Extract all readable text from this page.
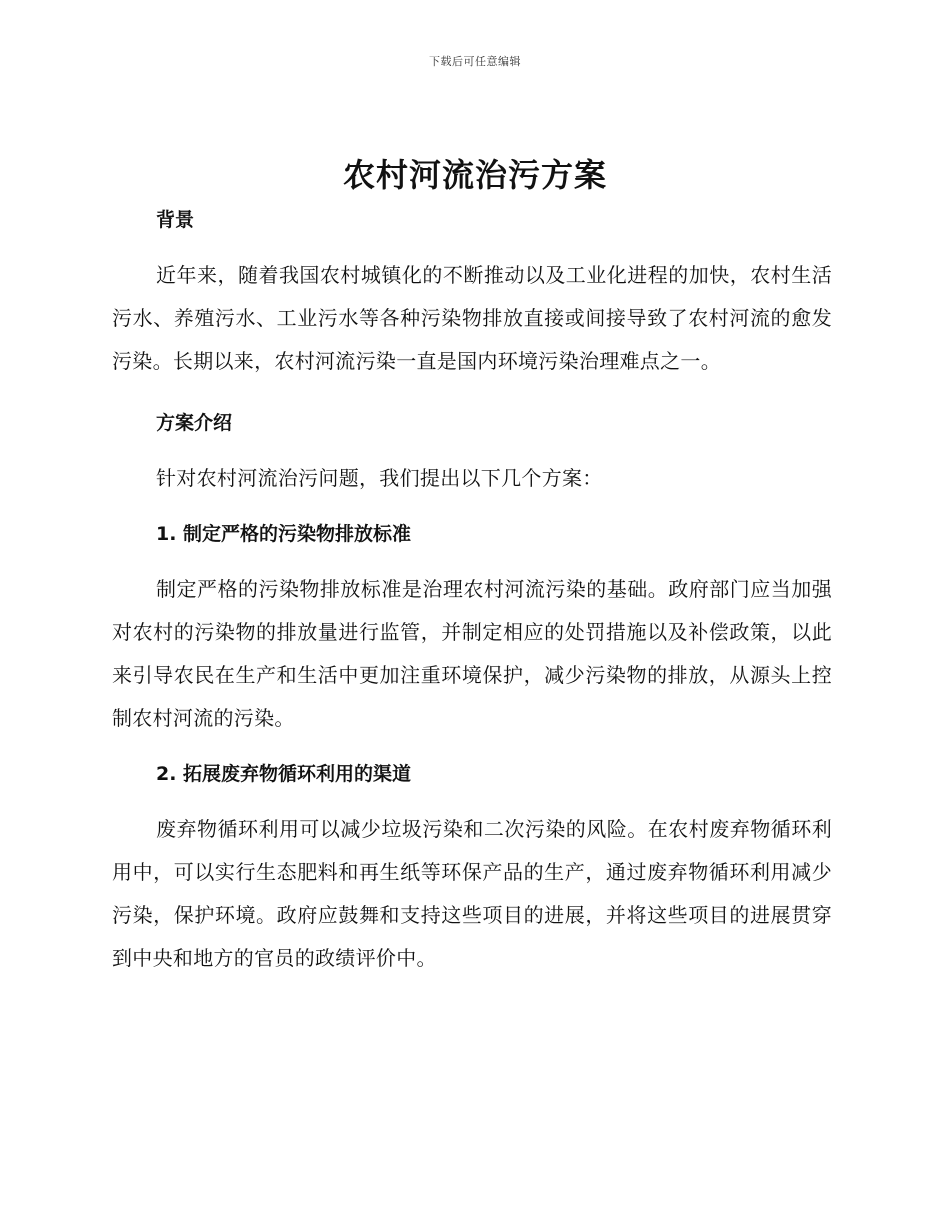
下载后可任意编辑
农村河流治污方案
背景

近年来，随着我国农村城镇化的不断推动以及工业化进程的加快，农村生活污水、养殖污水、工业污水等各种污染物排放直接或间接导致了农村河流的愈发污染。长期以来，农村河流污染一直是国内环境污染治理难点之一。

方案介绍

针对农村河流治污问题，我们提出以下几个方案：

1. 制定严格的污染物排放标准

制定严格的污染物排放标准是治理农村河流污染的基础。政府部门应当加强对农村的污染物的排放量进行监管，并制定相应的处罚措施以及补偿政策，以此来引导农民在生产和生活中更加注重环境保护，减少污染物的排放，从源头上控制农村河流的污染。

2. 拓展废弃物循环利用的渠道

废弃物循环利用可以减少垃圾污染和二次污染的风险。在农村废弃物循环利用中，可以实行生态肥料和再生纸等环保产品的生产，通过废弃物循环利用减少污染，保护环境。政府应鼓舞和支持这些项目的进展，并将这些项目的进展贯穿到中央和地方的官员的政绩评价中。
